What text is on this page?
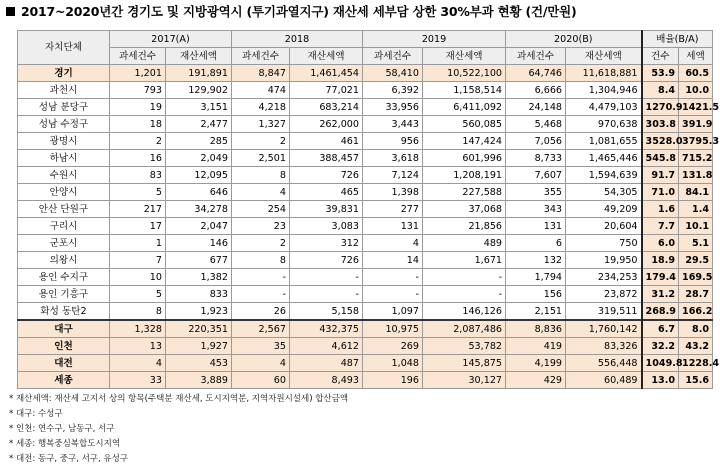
2017~2020년간 경기도 및 지방광역시 (투기과열지구) 재산세 세부담 상한 30%부과 현황 (건/만원)
자치단체	2017(A)		2018		2019		2020(B)		배율(B/A)	
	과세건수	재산세액	과세건수	재산세액	과세건수	재산세액	과세건수	재산세액	건수	세액
경기	1,201	191,891	8,847	1,461,454	58,410	10,522,100	64,746	11,618,881	53.9	60.5
과천시	793	129,902	474	77,021	6,392	1,158,514	6,666	1,304,946	8.4	10.0
성남 분당구	19	3,151	4,218	683,214	33,956	6,411,092	24,148	4,479,103	1270.9	1421.5
성남 수정구	18	2,477	1,327	262,000	3,443	560,085	5,468	970,638	303.8	391.9
광명시	2	285	2	461	956	147,424	7,056	1,081,655	3528.0	3795.3
하남시	16	2,049	2,501	388,457	3,618	601,996	8,733	1,465,446	545.8	715.2
수원시	83	12,095	8	726	7,124	1,208,191	7,607	1,594,639	91.7	131.8
안양시	5	646	4	465	1,398	227,588	355	54,305	71.0	84.1
안산 단원구	217	34,278	254	39,831	277	37,068	343	49,209	1.6	1.4
구리시	17	2,047	23	3,083	131	21,856	131	20,604	7.7	10.1
군포시	1	146	2	312	4	489	6	750	6.0	5.1
의왕시	7	677	8	726	14	1,671	132	19,950	18.9	29.5
용인 수지구	10	1,382	-	-	-	-	1,794	234,253	179.4	169.5
용인 기흥구	5	833	-	-	-	-	156	23,872	31.2	28.7
화성 동탄2	8	1,923	26	5,158	1,097	146,126	2,151	319,511	268.9	166.2
대구	1,328	220,351	2,567	432,375	10,975	2,087,486	8,836	1,760,142	6.7	8.0
인천	13	1,927	35	4,612	269	53,782	419	83,326	32.2	43.2
대전	4	453	4	487	1,048	145,875	4,199	556,448	1049.8	1228.4
세종	33	3,889	60	8,493	196	30,127	429	60,489	13.0	15.6
* 재산세액: 재산세 고지서 상의 항목(주택분 재산세, 도시지역분, 지역자원시설세) 합산금액
* 대구: 수성구
* 인천: 연수구, 남동구, 서구
* 세종: 행복중심복합도시지역
* 대전: 동구, 중구, 서구, 유성구
